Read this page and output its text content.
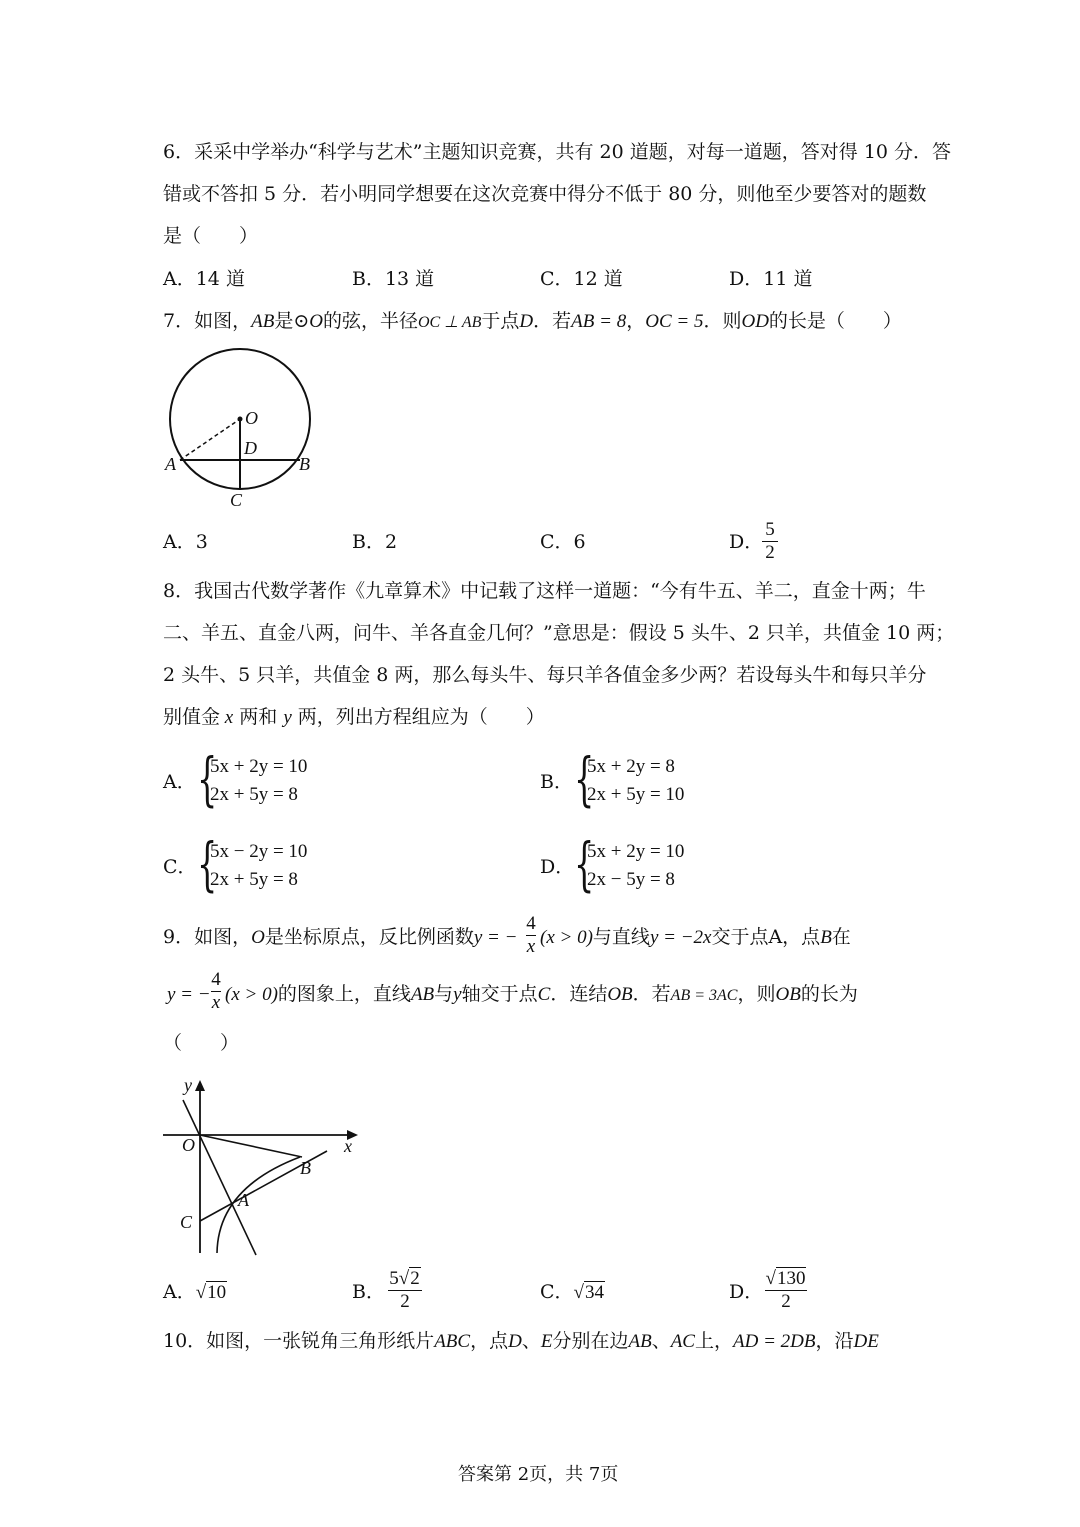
6．采采中学举办“科学与艺术”主题知识竞赛，共有 20 道题，对每一道题，答对得 10 分．答
错或不答扣 5 分．若小明同学想要在这次竞赛中得分不低于 80 分，则他至少要答对的题数
是（　　）
A．14 道	B．13 道	C．12 道	D．11 道
7．如图，AB是⊙O的弦，半径OC ⊥ AB于点D．若AB = 8，OC = 5．则OD的长是（　　）
O
D
A	B
C
A．3	B．2	C．6	D．
5
2
8．我国古代数学著作《九章算术》中记载了这样一道题：“今有牛五、羊二，直金十两；牛
二、羊五、直金八两，问牛、羊各直金几何？”意思是：假设 5 头牛、2 只羊，共值金 10 两；
2 头牛、5 只羊，共值金 8 两，那么每头牛、每只羊各值金多少两？若设每头牛和每只羊分
别值金 x 两和 y 两，列出方程组应为（　　）
A． {
5x + 2y = 10
2x + 5y = 8
B． {
5x + 2y = 8
2x + 5y = 10
C． {
5x − 2y = 10
2x + 5y = 8
D． {
5x + 2y = 10
2x − 5y = 8
9．如图，O是坐标原点，反比例函数y = −
4
x (x > 0)与直线y = −2x交于点A，点B在
y = −
4
x (x > 0)的图象上，直线AB与y轴交于点C．连结OB．若AB = 3AC，则OB的长为
（　　）
y
x
O
B
A
C
A．√10	B．
5√2
2	C．√34	D．
√130
2
10．如图，一张锐角三角形纸片ABC，点D、E分别在边AB、AC上，AD = 2DB，沿DE
答案第 2页，共 7页
